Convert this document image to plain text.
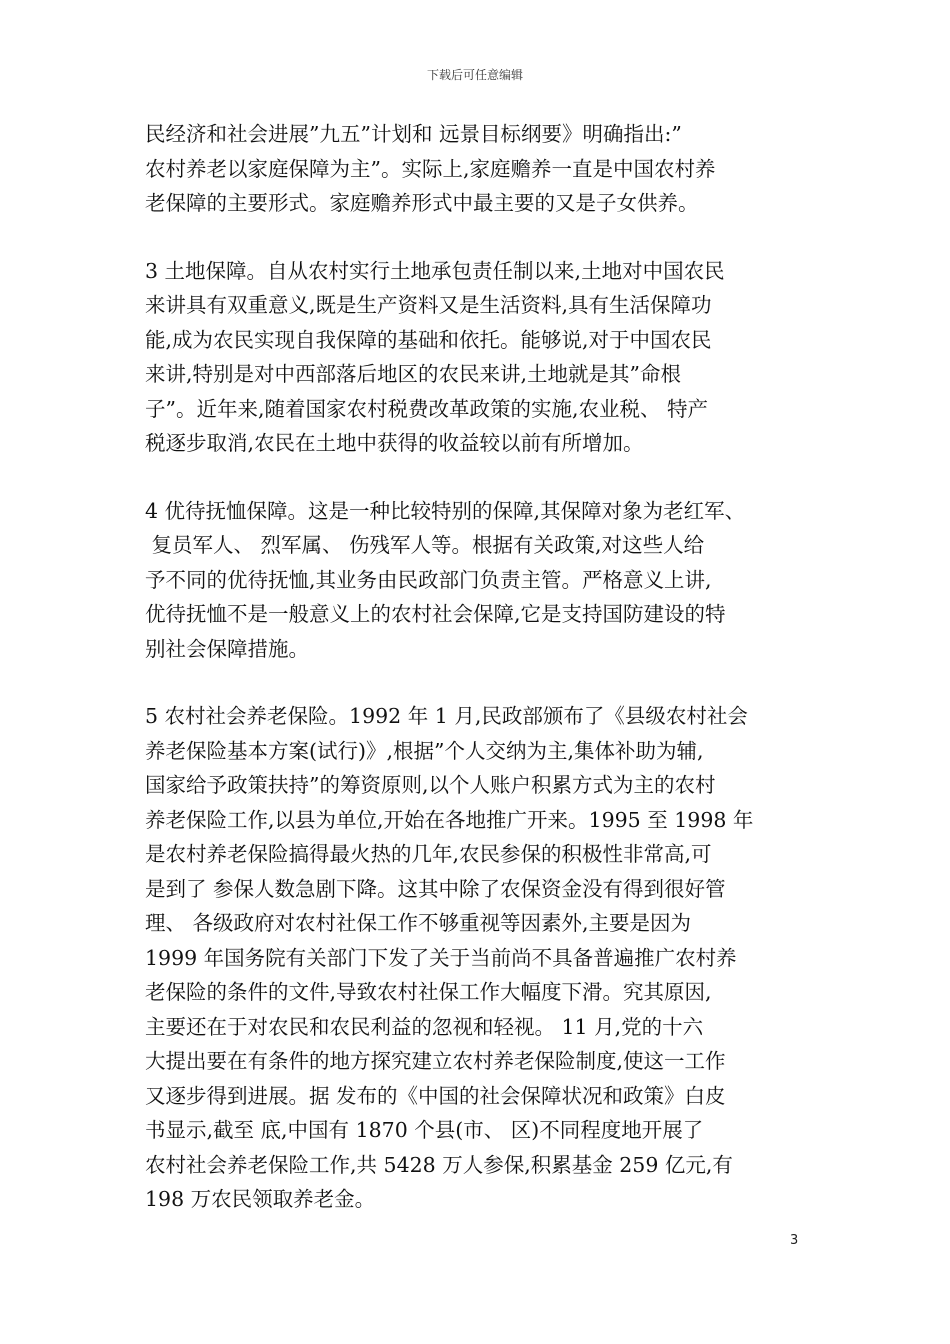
下载后可任意编辑
民经济和社会进展”九五”计划和 远景目标纲要》明确指出:”
农村养老以家庭保障为主”。实际上,家庭赡养一直是中国农村养
老保障的主要形式。家庭赡养形式中最主要的又是子女供养。
3 土地保障。自从农村实行土地承包责任制以来,土地对中国农民
来讲具有双重意义,既是生产资料又是生活资料,具有生活保障功
能,成为农民实现自我保障的基础和依托。能够说,对于中国农民
来讲,特别是对中西部落后地区的农民来讲,土地就是其”命根
子”。近年来,随着国家农村税费改革政策的实施,农业税、 特产
税逐步取消,农民在土地中获得的收益较以前有所增加。
4 优待抚恤保障。这是一种比较特别的保障,其保障对象为老红军、
复员军人、 烈军属、 伤残军人等。根据有关政策,对这些人给
予不同的优待抚恤,其业务由民政部门负责主管。严格意义上讲,
优待抚恤不是一般意义上的农村社会保障,它是支持国防建设的特
别社会保障措施。
5 农村社会养老保险。1992 年 1 月,民政部颁布了《县级农村社会
养老保险基本方案(试行)》,根据”个人交纳为主,集体补助为辅,
国家给予政策扶持”的筹资原则,以个人账户积累方式为主的农村
养老保险工作,以县为单位,开始在各地推广开来。1995 至 1998 年
是农村养老保险搞得最火热的几年,农民参保的积极性非常高,可
是到了 参保人数急剧下降。这其中除了农保资金没有得到很好管
理、 各级政府对农村社保工作不够重视等因素外,主要是因为
1999 年国务院有关部门下发了关于当前尚不具备普遍推广农村养
老保险的条件的文件,导致农村社保工作大幅度下滑。究其原因,
主要还在于对农民和农民利益的忽视和轻视。 11 月,党的十六
大提出要在有条件的地方探究建立农村养老保险制度,使这一工作
又逐步得到进展。据 发布的《中国的社会保障状况和政策》白皮
书显示,截至 底,中国有 1870 个县(市、 区)不同程度地开展了
农村社会养老保险工作,共 5428 万人参保,积累基金 259 亿元,有
198 万农民领取养老金。
3
